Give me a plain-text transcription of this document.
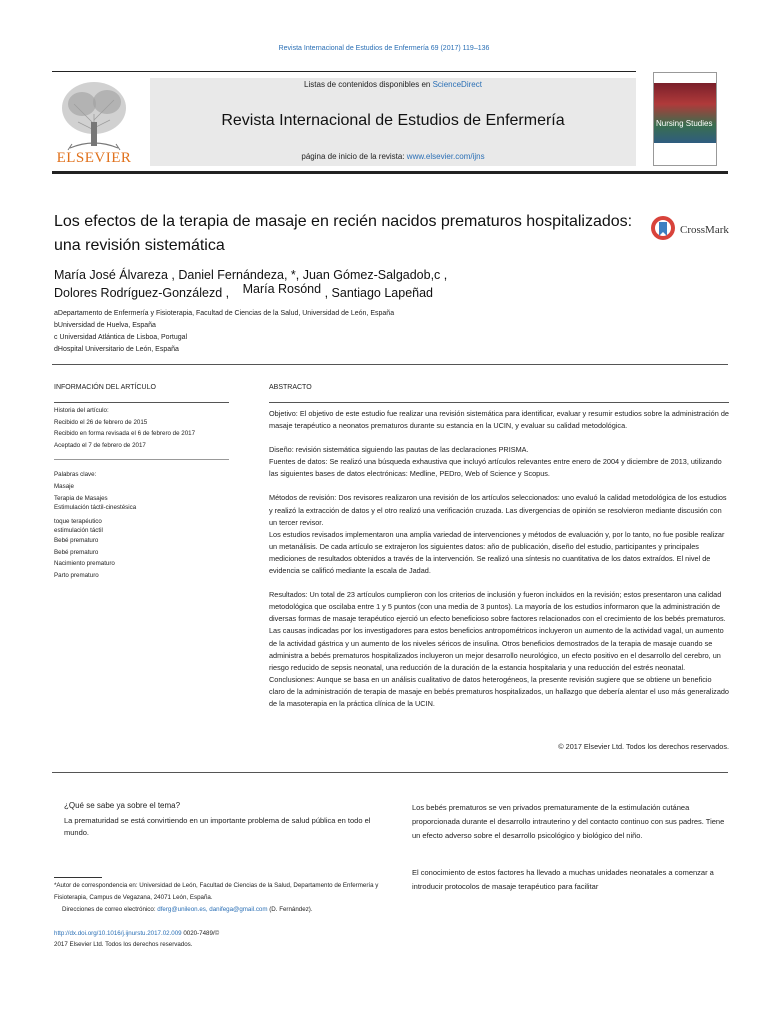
Revista Internacional de Estudios de Enfermería 69 (2017) 119–136
Listas de contenidos disponibles en ScienceDirect
Revista Internacional de Estudios de Enfermería
página de inicio de la revista: www.elsevier.com/ijns
ELSEVIER
Nursing Studies
Los efectos de la terapia de masaje en recién nacidos prematuros hospitalizados:
una revisión sistemática
CrossMark
María José Álvareza , Daniel Fernándeza, *, Juan Gómez-Salgadob,c ,
Dolores Rodríguez-Gonzálezd , María Rosónd , Santiago Lapeñad
aDepartamento de Enfermería y Fisioterapia, Facultad de Ciencias de la Salud, Universidad de León, España
bUniversidad de Huelva, España
c Universidad Atlántica de Lisboa, Portugal
dHospital Universitario de León, España
INFORMACIÓN DEL ARTÍCULO	ABSTRACTO
Historia del artículo:
Recibido el 26 de febrero de 2015
Recibido en forma revisada el 6 de febrero de 2017
Aceptado el 7 de febrero de 2017
Palabras clave:
Masaje
Terapia de Masajes
Estimulación táctil-cinestésica
toque terapéutico
estimulación táctil
Bebé prematuro
Bebé prematuro
Nacimiento prematuro
Parto prematuro

Objetivo: El objetivo de este estudio fue realizar una revisión sistemática para identificar, evaluar y resumir estudios sobre la administración de masaje terapéutico a neonatos prematuros durante su estancia en la UCIN, y evaluar su calidad metodológica.

Diseño: revisión sistemática siguiendo las pautas de las declaraciones PRISMA.

Fuentes de datos: Se realizó una búsqueda exhaustiva que incluyó artículos relevantes entre enero de 2004 y diciembre de 2013, utilizando las siguientes bases de datos electrónicas: Medline, PEDro, Web of Science y Scopus.

Métodos de revisión: Dos revisores realizaron una revisión de los artículos seleccionados: uno evaluó la calidad metodológica de los estudios y realizó la extracción de datos y el otro realizó una verificación cruzada. Las divergencias de opinión se resolvieron mediante discusión con un tercer revisor.

Los estudios revisados implementaron una amplia variedad de intervenciones y métodos de evaluación y, por lo tanto, no fue posible realizar un metanálisis. De cada artículo se extrajeron los siguientes datos: año de publicación, diseño del estudio, participantes y principales mediciones de resultados obtenidos a través de la intervención. Se realizó una síntesis no cuantitativa de los datos extraídos. El nivel de evidencia se calificó mediante la escala de Jadad.

Resultados: Un total de 23 artículos cumplieron con los criterios de inclusión y fueron incluidos en la revisión; estos presentaron una calidad metodológica que oscilaba entre 1 y 5 puntos (con una media de 3 puntos). La mayoría de los estudios informaron que la administración de diversas formas de masaje terapéutico ejerció un efecto beneficioso sobre factores relacionados con el crecimiento de los bebés prematuros. Las causas indicadas por los investigadores para estos beneficios antropométricos incluyeron un aumento de la actividad vagal, un aumento de la actividad gástrica y un aumento de los niveles séricos de insulina. Otros beneficios demostrados de la terapia de masaje cuando se administra a bebés prematuros hospitalizados incluyeron un mejor desarrollo neurológico, un efecto positivo en el desarrollo del cerebro, un riesgo reducido de sepsis neonatal, una reducción de la duración de la estancia hospitalaria y una reducción del estrés neonatal.

Conclusiones: Aunque se basa en un análisis cualitativo de datos heterogéneos, la presente revisión sugiere que se obtiene un beneficio claro de la administración de terapia de masaje en bebés prematuros hospitalizados, un hallazgo que debería alentar el uso más generalizado de la masoterapia en la práctica clínica de la UCIN.

© 2017 Elsevier Ltd. Todos los derechos reservados.
¿Qué se sabe ya sobre el tema?
La prematuridad se está convirtiendo en un importante problema de salud pública en todo el mundo.

Los bebés prematuros se ven privados prematuramente de la estimulación cutánea proporcionada durante el desarrollo intrauterino y del contacto continuo con sus padres. Tiene un efecto adverso sobre el desarrollo psicológico y biológico del niño.

El conocimiento de estos factores ha llevado a muchas unidades neonatales a comenzar a introducir protocolos de masaje terapéutico para facilitar

*Autor de correspondencia en: Universidad de León, Facultad de Ciencias de la Salud, Departamento de Enfermería y Fisioterapia, Campus de Vegazana, 24071 León, España.
Direcciones de correo electrónico: dferg@unileon.es, danifega@gmail.com (D. Fernández).
http://dx.doi.org/10.1016/j.ijnurstu.2017.02.009 0020-7489/©
2017 Elsevier Ltd. Todos los derechos reservados.
